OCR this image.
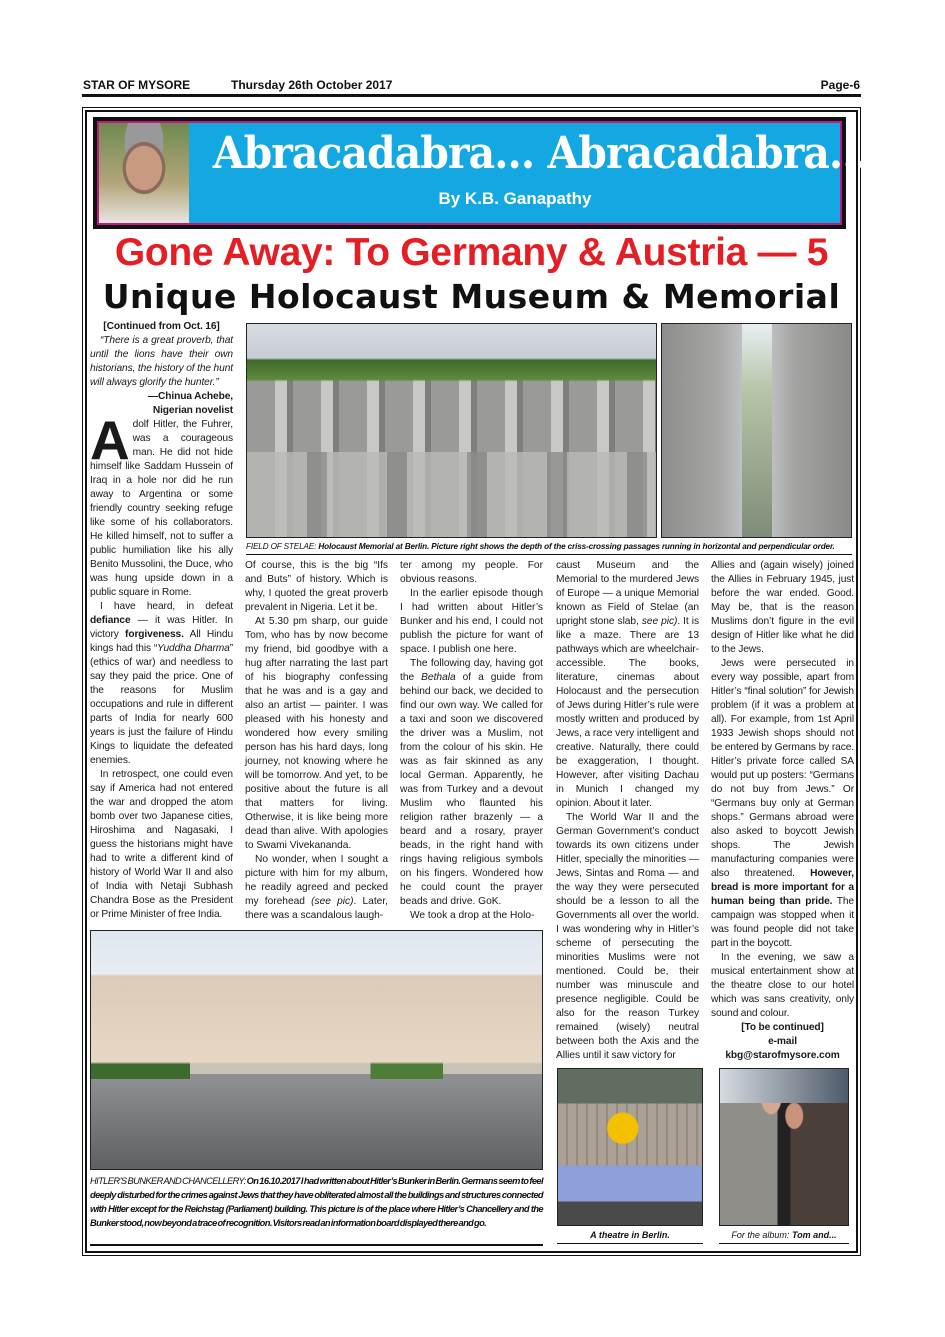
STAR OF MYSORE	Thursday 26th October 2017	Page-6
Abracadabra... Abracadabra...
By K.B. Ganapathy
Gone Away: To Germany & Austria — 5
Unique Holocaust Museum & Memorial

[Continued from Oct. 16]

“There is a great proverb, that until the lions have their own historians, the history of the hunt will always glorify the hunter.”

—Chinua Achebe,

Nigerian novelist

Adolf Hitler, the Fuhrer, was a courageous man. He did not hide himself like Saddam Hussein of Iraq in a hole nor did he run away to Argentina or some friendly country seeking refuge like some of his collaborators. He killed himself, not to suffer a public humiliation like his ally Benito Mussolini, the Duce, who was hung upside down in a public square in Rome.

I have heard, in defeat defiance — it was Hitler. In victory forgiveness. All Hindu kings had this “Yuddha Dharma” (ethics of war) and needless to say they paid the price. One of the reasons for Muslim occupations and rule in different parts of India for nearly 600 years is just the failure of Hindu Kings to liquidate the defeated enemies.

In retrospect, one could even say if America had not entered the war and dropped the atom bomb over two Japanese cities, Hiroshima and Nagasaki, I guess the historians might have had to write a different kind of history of World War II and also of India with Netaji Subhash Chandra Bose as the President or Prime Minister of free India.

Of course, this is the big “Ifs and Buts” of history. Which is why, I quoted the great proverb prevalent in Nigeria. Let it be.

At 5.30 pm sharp, our guide Tom, who has by now become my friend, bid goodbye with a hug after narrating the last part of his biography confessing that he was and is a gay and also an artist — painter. I was pleased with his honesty and wondered how every smiling person has his hard days, long journey, not knowing where he will be tomorrow. And yet, to be positive about the future is all that matters for living. Otherwise, it is like being more dead than alive. With apologies to Swami Vivekananda.

No wonder, when I sought a picture with him for my album, he readily agreed and pecked my forehead (see pic). Later, there was a scandalous laugh-

ter among my people. For obvious reasons.

In the earlier episode though I had written about Hitler’s Bunker and his end, I could not publish the picture for want of space. I publish one here.

The following day, having got the Bethala of a guide from behind our back, we decided to find our own way. We called for a taxi and soon we discovered the driver was a Muslim, not from the colour of his skin. He was as fair skinned as any local German. Apparently, he was from Turkey and a devout Muslim who flaunted his religion rather brazenly — a beard and a rosary, prayer beads, in the right hand with rings having religious symbols on his fingers. Wondered how he could count the prayer beads and drive. GoK.

We took a drop at the Holo-

caust Museum and the Memorial to the murdered Jews of Europe — a unique Memorial known as Field of Stelae (an upright stone slab, see pic). It is like a maze. There are 13 pathways which are wheelchair-accessible. The books, literature, cinemas about Holocaust and the persecution of Jews during Hitler’s rule were mostly written and produced by Jews, a race very intelligent and creative. Naturally, there could be exaggeration, I thought. However, after visiting Dachau in Munich I changed my opinion. About it later.

The World War II and the German Government’s conduct towards its own citizens under Hitler, specially the minorities — Jews, Sintas and Roma — and the way they were persecuted should be a lesson to all the Governments all over the world. I was wondering why in Hitler’s scheme of persecuting the minorities Muslims were not mentioned. Could be, their number was minuscule and presence negligible. Could be also for the reason Turkey remained (wisely) neutral between both the Axis and the Allies until it saw victory for

Allies and (again wisely) joined the Allies in February 1945, just before the war ended. Good. May be, that is the reason Muslims don’t figure in the evil design of Hitler like what he did to the Jews.

Jews were persecuted in every way possible, apart from Hitler’s “final solution” for Jewish problem (if it was a problem at all). For example, from 1st April 1933 Jewish shops should not be entered by Germans by race. Hitler’s private force called SA would put up posters: “Germans do not buy from Jews.” Or “Germans buy only at German shops.” Germans abroad were also asked to boycott Jewish shops. The Jewish manufacturing companies were also threatened. However, bread is more important for a human being than pride. The campaign was stopped when it was found people did not take part in the boycott.

In the evening, we saw a musical entertainment show at the theatre close to our hotel which was sans creativity, only sound and colour.

[To be continued]

e-mail

kbg@starofmysore.com

FIELD OF STELAE: Holocaust Memorial at Berlin. Picture right shows the depth of the criss-crossing passages running in horizontal and perpendicular order.
HITLER’S BUNKER AND CHANCELLERY: On 16.10.2017 I had written about Hitler’s Bunker in Berlin. Germans seem to feel deeply disturbed for the crimes against Jews that they have obliterated almost all the buildings and structures connected with Hitler except for the Reichstag (Parliament) building. This picture is of the place where Hitler’s Chancellery and the Bunker stood, now beyond a trace of recognition. Visitors read an information board displayed there and go.
A theatre in Berlin.	For the album: Tom and...
